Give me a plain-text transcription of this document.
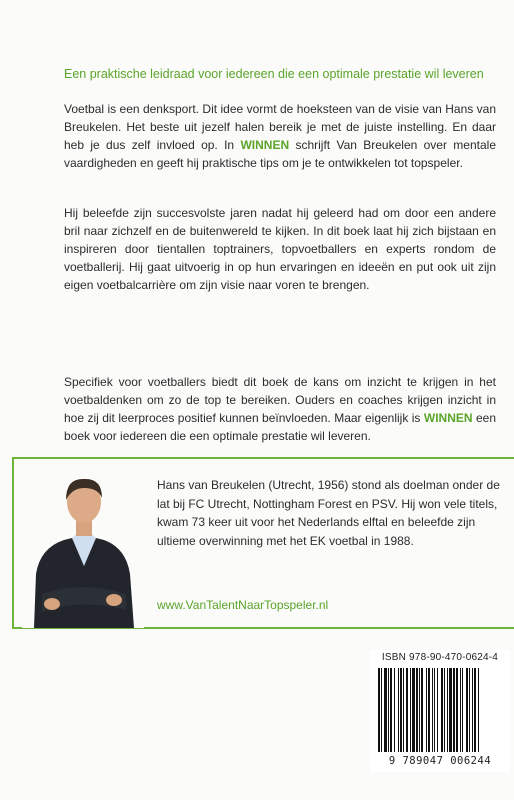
Een praktische leidraad voor iedereen die een optimale prestatie wil leveren

Voetbal is een denksport. Dit idee vormt de hoeksteen van de visie van Hans van Breukelen. Het beste uit jezelf halen bereik je met de juiste instelling. En daar heb je dus zelf invloed op. In WINNEN schrijft Van Breukelen over mentale vaardigheden en geeft hij praktische tips om je te ontwikkelen tot topspeler.

Hij beleefde zijn succesvolste jaren nadat hij geleerd had om door een andere bril naar zichzelf en de buitenwereld te kijken. In dit boek laat hij zich bijstaan en inspireren door tientallen toptrainers, topvoetballers en experts rondom de voetballerij. Hij gaat uitvoerig in op hun ervaringen en ideeën en put ook uit zijn eigen voetbalcarrière om zijn visie naar voren te brengen.

Specifiek voor voetballers biedt dit boek de kans om inzicht te krijgen in het voetbaldenken om zo de top te bereiken. Ouders en coaches krijgen inzicht in hoe zij dit leerproces positief kunnen beïnvloeden. Maar eigenlijk is WINNEN een boek voor iedereen die een optimale prestatie wil leveren.

Hans van Breukelen (Utrecht, 1956) stond als doelman onder de lat bij FC Utrecht, Nottingham Forest en PSV. Hij won vele titels, kwam 73 keer uit voor het Nederlands elftal en beleefde zijn ultieme overwinning met het EK voetbal in 1988.
www.VanTalentNaarTopspeler.nl
ISBN 978-90-470-0624-4
9 789047 006244
